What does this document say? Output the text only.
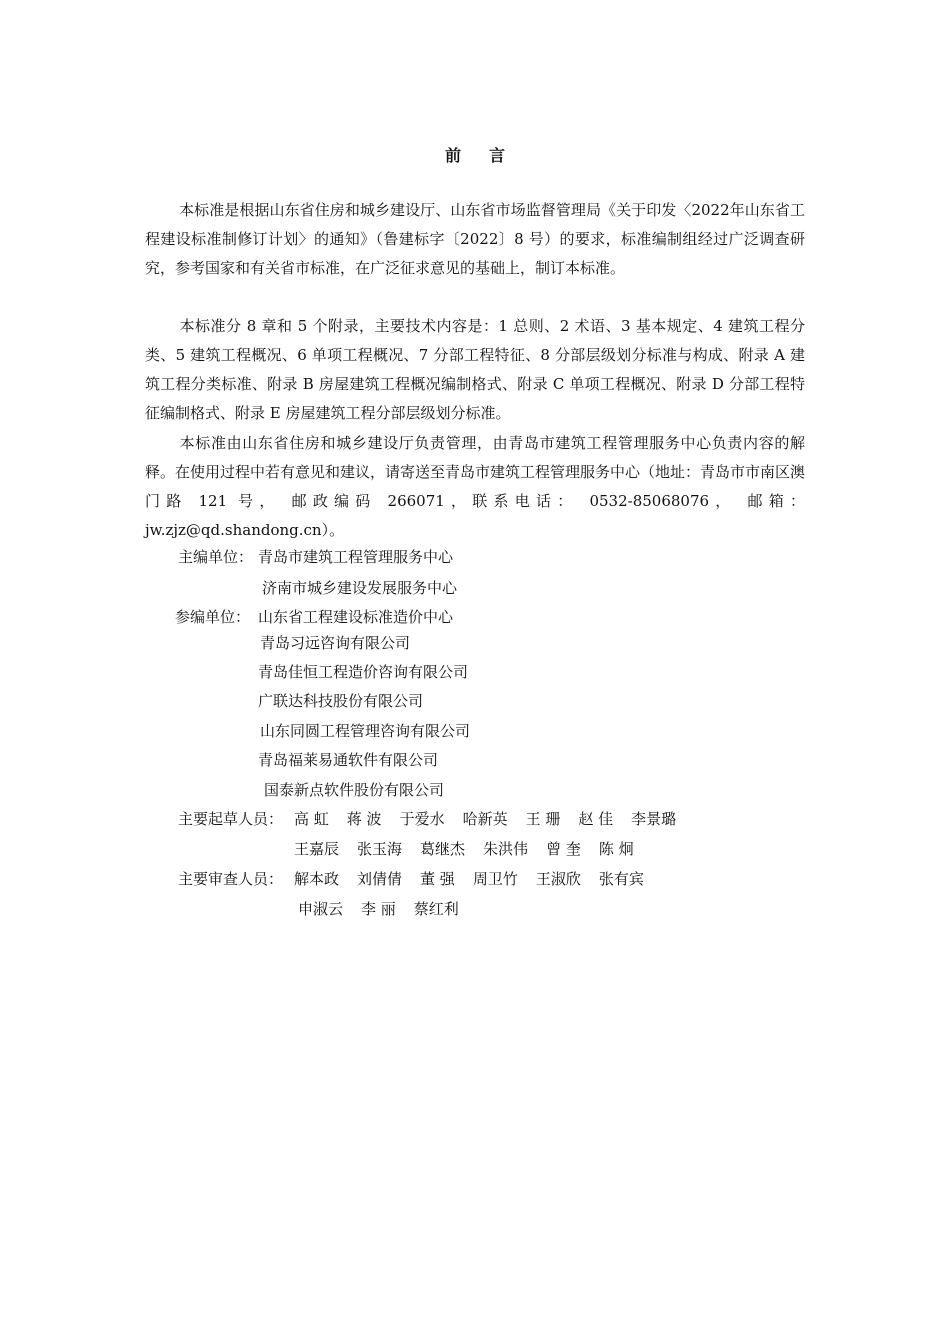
前言

本标准是根据山东省住房和城乡建设厅、山东省市场监督管理局《关于印发〈2022年山东省工程建设标准制修订计划〉的通知》（鲁建标字〔2022〕8 号）的要求，标准编制组经过广泛调查研究，参考国家和有关省市标准，在广泛征求意见的基础上，制订本标准。

本标准分 8 章和 5 个附录，主要技术内容是：1 总则、2 术语、3 基本规定、4 建筑工程分类、5 建筑工程概况、6 单项工程概况、7 分部工程特征、8 分部层级划分标准与构成、附录 A 建筑工程分类标准、附录 B 房屋建筑工程概况编制格式、附录 C 单项工程概况、附录 D 分部工程特征编制格式、附录 E 房屋建筑工程分部层级划分标准。

本标准由山东省住房和城乡建设厅负责管理，由青岛市建筑工程管理服务中心负责内容的解释。在使用过程中若有意见和建议，请寄送至青岛市建筑工程管理服务中心（地址：青岛市市南区澳门路 121 号， 邮政编码 266071，联系电话： 0532-85068076， 邮箱： jw.zjz@qd.shandong.cn）。

主编单位： 青岛市建筑工程管理服务中心
济南市城乡建设发展服务中心
参编单位： 山东省工程建设标准造价中心
青岛习远咨询有限公司
青岛佳恒工程造价咨询有限公司
广联达科技股份有限公司
山东同圆工程管理咨询有限公司
青岛福莱易通软件有限公司
国泰新点软件股份有限公司
主要起草人员： 高 虹 蒋 波 于爱水 哈新英 王 珊 赵 佳 李景璐
王嘉辰 张玉海 葛继杰 朱洪伟 曾 奎 陈 炯
主要审查人员： 解本政 刘倩倩 董 强 周卫竹 王淑欣 张有宾
申淑云 李 丽 蔡红利
